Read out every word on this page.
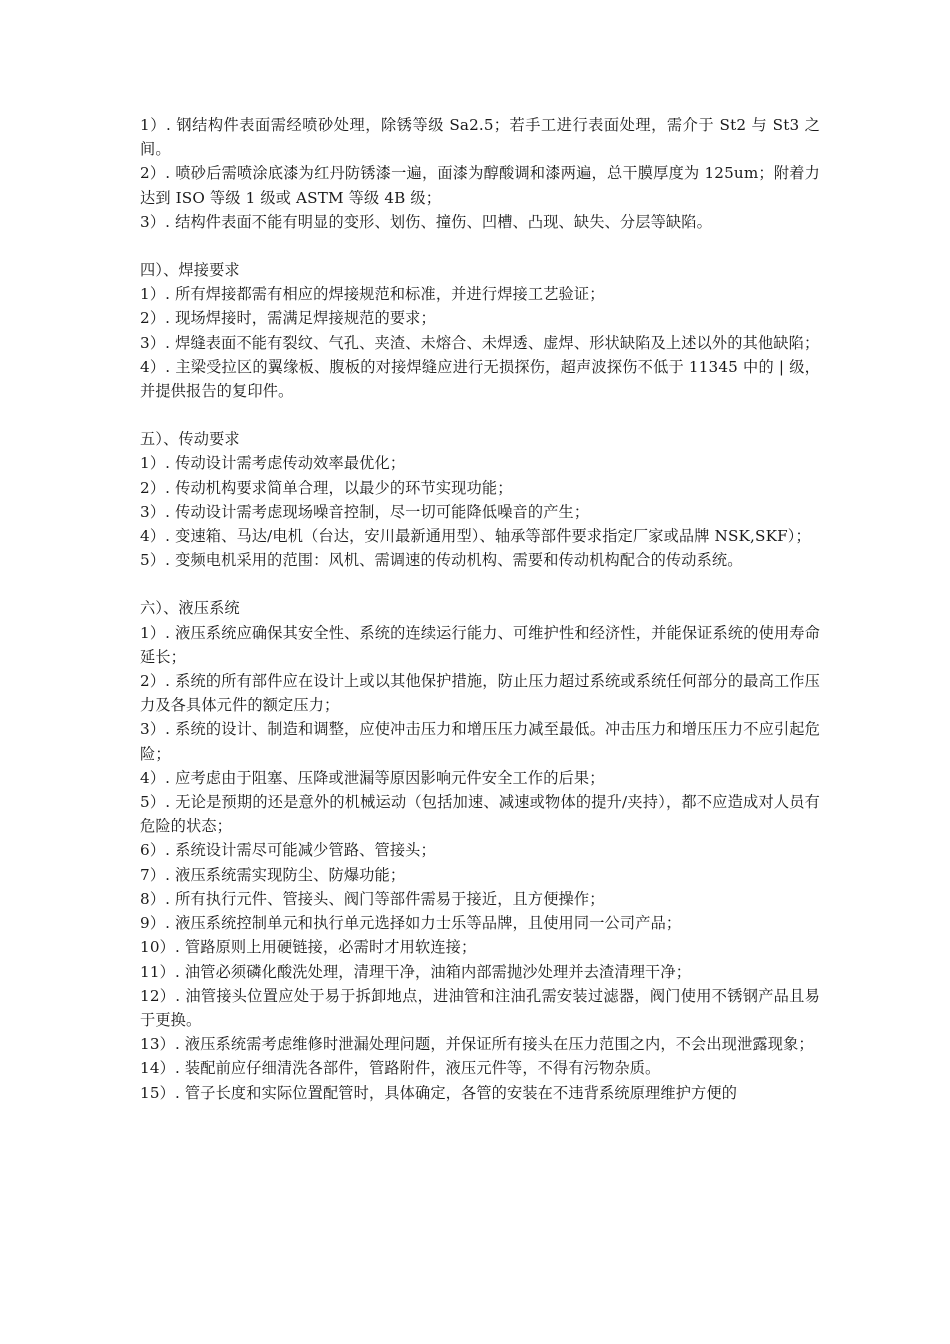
1）. 钢结构件表面需经喷砂处理，除锈等级 Sa2.5；若手工进行表面处理，需介于 St2 与 St3 之间。
2）. 喷砂后需喷涂底漆为红丹防锈漆一遍，面漆为醇酸调和漆两遍，总干膜厚度为 125um；附着力达到 ISO 等级 1 级或 ASTM 等级 4B 级；
3）. 结构件表面不能有明显的变形、划伤、撞伤、凹槽、凸现、缺失、分层等缺陷。
四）、焊接要求
1）. 所有焊接都需有相应的焊接规范和标准，并进行焊接工艺验证；
2）. 现场焊接时，需满足焊接规范的要求；
3）. 焊缝表面不能有裂纹、气孔、夹渣、未熔合、未焊透、虚焊、形状缺陷及上述以外的其他缺陷；
4）. 主梁受拉区的翼缘板、腹板的对接焊缝应进行无损探伤，超声波探伤不低于 11345 中的 | 级，并提供报告的复印件。
五）、传动要求
1）. 传动设计需考虑传动效率最优化；
2）. 传动机构要求简单合理，以最少的环节实现功能；
3）. 传动设计需考虑现场噪音控制，尽一切可能降低噪音的产生；
4）. 变速箱、马达/电机（台达，安川最新通用型）、轴承等部件要求指定厂家或品牌 NSK,SKF）；
5）. 变频电机采用的范围：风机、需调速的传动机构、需要和传动机构配合的传动系统。
六）、液压系统
1）. 液压系统应确保其安全性、系统的连续运行能力、可维护性和经济性，并能保证系统的使用寿命延长；
2）. 系统的所有部件应在设计上或以其他保护措施，防止压力超过系统或系统任何部分的最高工作压力及各具体元件的额定压力；
3）. 系统的设计、制造和调整，应使冲击压力和增压压力减至最低。冲击压力和增压压力不应引起危险；
4）. 应考虑由于阻塞、压降或泄漏等原因影响元件安全工作的后果；
5）. 无论是预期的还是意外的机械运动（包括加速、减速或物体的提升/夹持），都不应造成对人员有危险的状态；
6）. 系统设计需尽可能减少管路、管接头；
7）. 液压系统需实现防尘、防爆功能；
8）. 所有执行元件、管接头、阀门等部件需易于接近，且方便操作；
9）. 液压系统控制单元和执行单元选择如力士乐等品牌，且使用同一公司产品；
10）. 管路原则上用硬链接，必需时才用软连接；
11）. 油管必须磷化酸洗处理，清理干净，油箱内部需抛沙处理并去渣清理干净；
12）. 油管接头位置应处于易于拆卸地点，进油管和注油孔需安装过滤器，阀门使用不锈钢产品且易于更换。
13）. 液压系统需考虑维修时泄漏处理问题，并保证所有接头在压力范围之内，不会出现泄露现象；
14）. 装配前应仔细清洗各部件，管路附件，液压元件等，不得有污物杂质。
15）. 管子长度和实际位置配管时，具体确定，各管的安装在不违背系统原理维护方便的
